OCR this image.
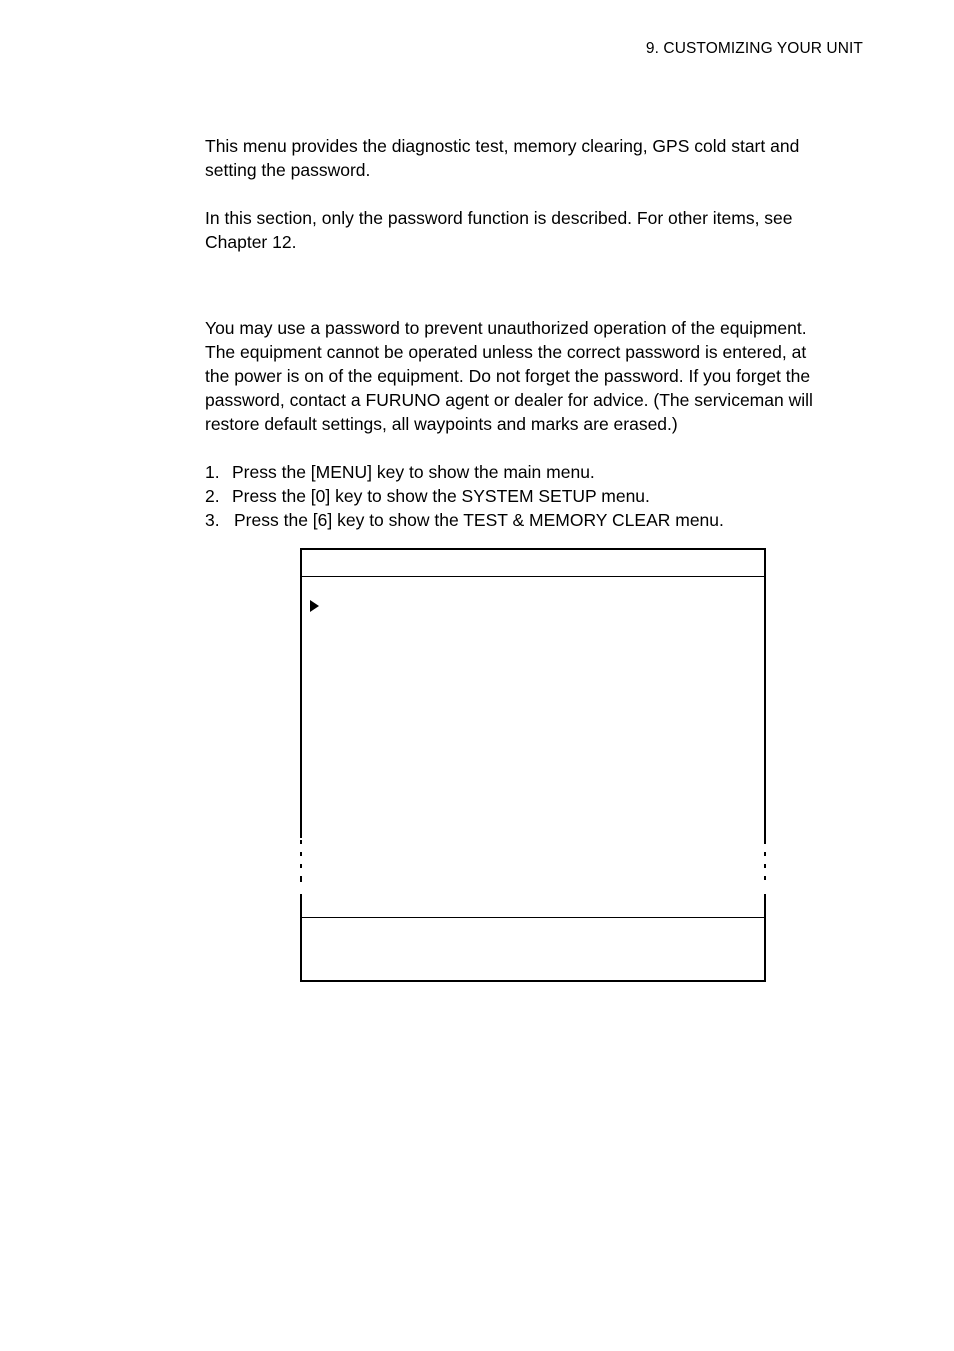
9. CUSTOMIZING YOUR UNIT

This menu provides the diagnostic test, memory clearing, GPS cold start and
setting the password.

In this section, only the password function is described. For other items, see
Chapter 12.

You may use a password to prevent unauthorized operation of the equipment.
The equipment cannot be operated unless the correct password is entered, at
the power is on of the equipment. Do not forget the password. If you forget the
password, contact a FURUNO agent or dealer for advice. (The serviceman will
restore default settings, all waypoints and marks are erased.)

1. Press the [MENU] key to show the main menu.
2. Press the [0] key to show the SYSTEM SETUP menu.
3. Press the [6] key to show the TEST & MEMORY CLEAR menu.
